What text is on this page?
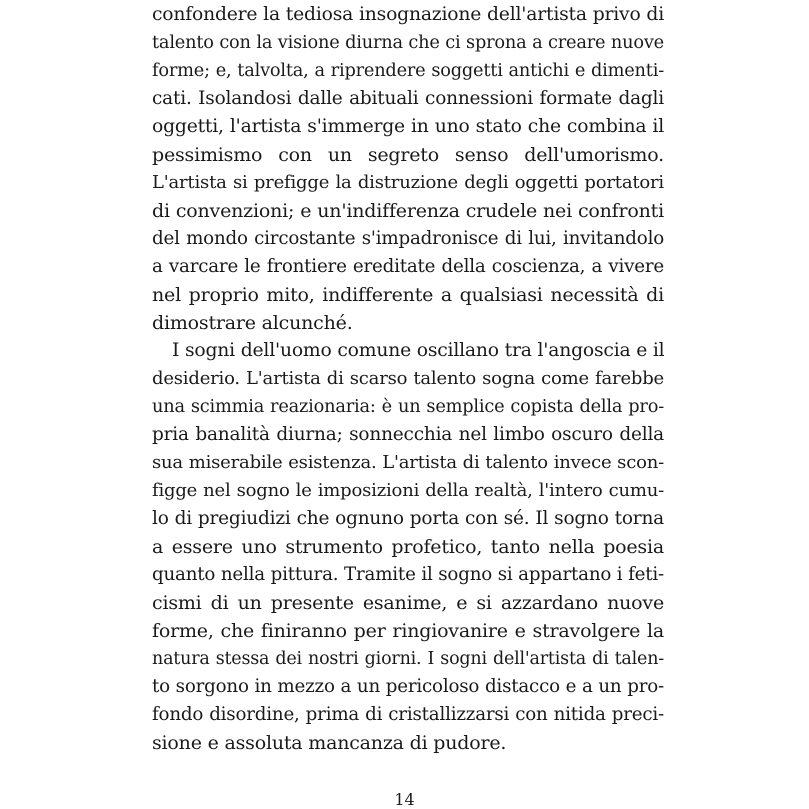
confondere la tediosa insognazione dell'artista privo di
talento con la visione diurna che ci sprona a creare nuove
forme; e, talvolta, a riprendere soggetti antichi e dimenti-
cati. Isolandosi dalle abituali connessioni formate dagli
oggetti, l'artista s'immerge in uno stato che combina il
pessimismo con un segreto senso dell'umorismo.
L'artista si prefigge la distruzione degli oggetti portatori
di convenzioni; e un'indifferenza crudele nei confronti
del mondo circostante s'impadronisce di lui, invitandolo
a varcare le frontiere ereditate della coscienza, a vivere
nel proprio mito, indifferente a qualsiasi necessità di
dimostrare alcunché.
I sogni dell'uomo comune oscillano tra l'angoscia e il
desiderio. L'artista di scarso talento sogna come farebbe
una scimmia reazionaria: è un semplice copista della pro-
pria banalità diurna; sonnecchia nel limbo oscuro della
sua miserabile esistenza. L'artista di talento invece scon-
figge nel sogno le imposizioni della realtà, l'intero cumu-
lo di pregiudizi che ognuno porta con sé. Il sogno torna
a essere uno strumento profetico, tanto nella poesia
quanto nella pittura. Tramite il sogno si appartano i feti-
cismi di un presente esanime, e si azzardano nuove
forme, che finiranno per ringiovanire e stravolgere la
natura stessa dei nostri giorni. I sogni dell'artista di talen-
to sorgono in mezzo a un pericoloso distacco e a un pro-
fondo disordine, prima di cristallizzarsi con nitida preci-
sione e assoluta mancanza di pudore.
14
